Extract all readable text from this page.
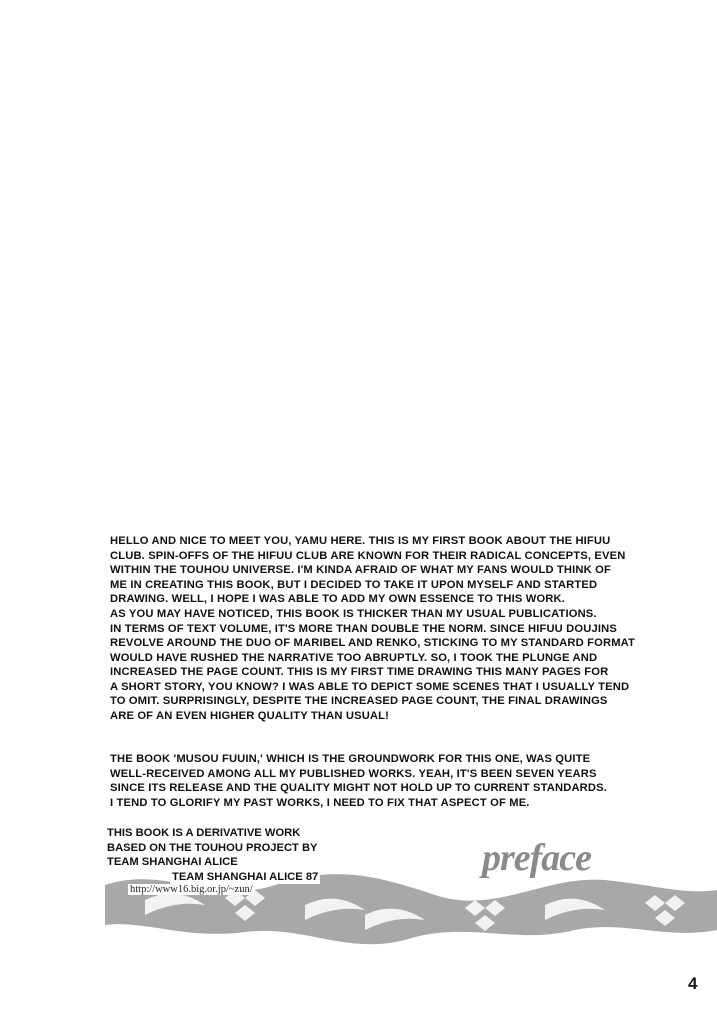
HELLO AND NICE TO MEET YOU, YAMU HERE. THIS IS MY FIRST BOOK ABOUT THE HIFUU
CLUB. SPIN-OFFS OF THE HIFUU CLUB ARE KNOWN FOR THEIR RADICAL CONCEPTS, EVEN
WITHIN THE TOUHOU UNIVERSE. I'M KINDA AFRAID OF WHAT MY FANS WOULD THINK OF
ME IN CREATING THIS BOOK, BUT I DECIDED TO TAKE IT UPON MYSELF AND STARTED
DRAWING. WELL, I HOPE I WAS ABLE TO ADD MY OWN ESSENCE TO THIS WORK.
AS YOU MAY HAVE NOTICED, THIS BOOK IS THICKER THAN MY USUAL PUBLICATIONS.
IN TERMS OF TEXT VOLUME, IT'S MORE THAN DOUBLE THE NORM. SINCE HIFUU DOUJINS
REVOLVE AROUND THE DUO OF MARIBEL AND RENKO, STICKING TO MY STANDARD FORMAT
WOULD HAVE RUSHED THE NARRATIVE TOO ABRUPTLY. SO, I TOOK THE PLUNGE AND
INCREASED THE PAGE COUNT. THIS IS MY FIRST TIME DRAWING THIS MANY PAGES FOR
A SHORT STORY, YOU KNOW? I WAS ABLE TO DEPICT SOME SCENES THAT I USUALLY TEND
TO OMIT. SURPRISINGLY, DESPITE THE INCREASED PAGE COUNT, THE FINAL DRAWINGS
ARE OF AN EVEN HIGHER QUALITY THAN USUAL!
THE BOOK 'MUSOU FUUIN,' WHICH IS THE GROUNDWORK FOR THIS ONE, WAS QUITE
WELL-RECEIVED AMONG ALL MY PUBLISHED WORKS. YEAH, IT'S BEEN SEVEN YEARS
SINCE ITS RELEASE AND THE QUALITY MIGHT NOT HOLD UP TO CURRENT STANDARDS.
I TEND TO GLORIFY MY PAST WORKS, I NEED TO FIX THAT ASPECT OF ME.
THIS BOOK IS A DERIVATIVE WORK
BASED ON THE TOUHOU PROJECT BY
TEAM SHANGHAI ALICE
TEAM SHANGHAI ALICE 87
http://www16.big.or.jp/~zun/
preface
4
